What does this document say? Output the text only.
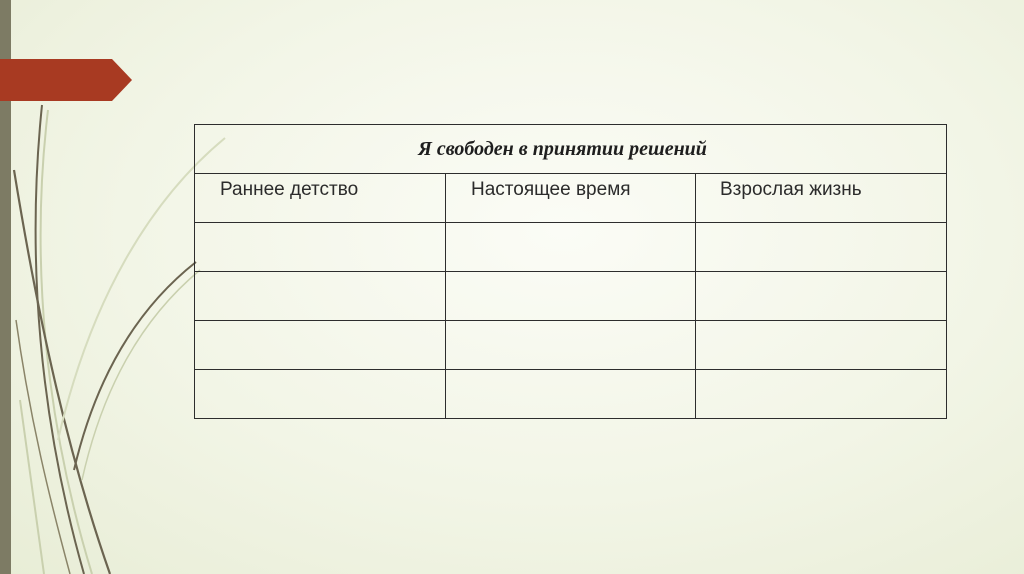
Я свободен в принятии решений		

Раннее детство	Настоящее время	Взрослая жизнь
